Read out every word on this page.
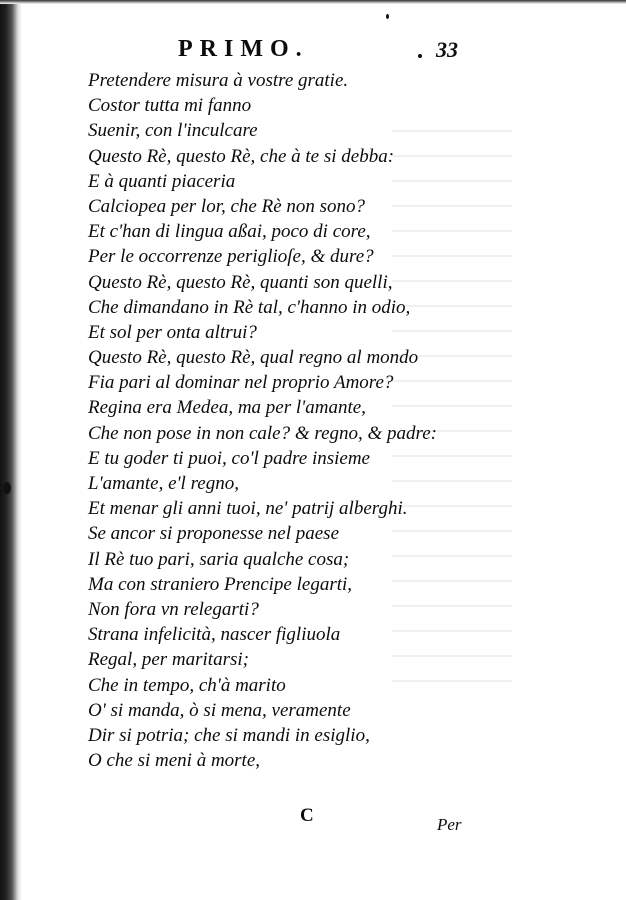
PRIMO.	33
Pretendere misura à vostre gratie.
Costor tutta mi fanno
Suenir, con l'inculcare
Questo Rè, questo Rè, che à te si debba:
E à quanti piaceria
Calciopea per lor, che Rè non sono?
Et c'han di lingua aßai, poco di core,
Per le occorrenze periglioſe, & dure?
Questo Rè, questo Rè, quanti son quelli,
Che dimandano in Rè tal, c'hanno in odio,
Et sol per onta altrui?
Questo Rè, questo Rè, qual regno al mondo
Fia pari al dominar nel proprio Amore?
Regina era Medea, ma per l'amante,
Che non pose in non cale? & regno, & padre:
E tu goder ti puoi, co'l padre insieme
L'amante, e'l regno,
Et menar gli anni tuoi, ne' patrij alberghi.
Se ancor si proponesse nel paese
Il Rè tuo pari, saria qualche cosa;
Ma con straniero Prencipe legarti,
Non fora vn relegarti?
Strana infelicità, nascer figliuola
Regal, per maritarsi;
Che in tempo, ch'à marito
O' si manda, ò si mena, veramente
Dir si potria; che si mandi in esiglio,
O che si meni à morte,
C	Per
